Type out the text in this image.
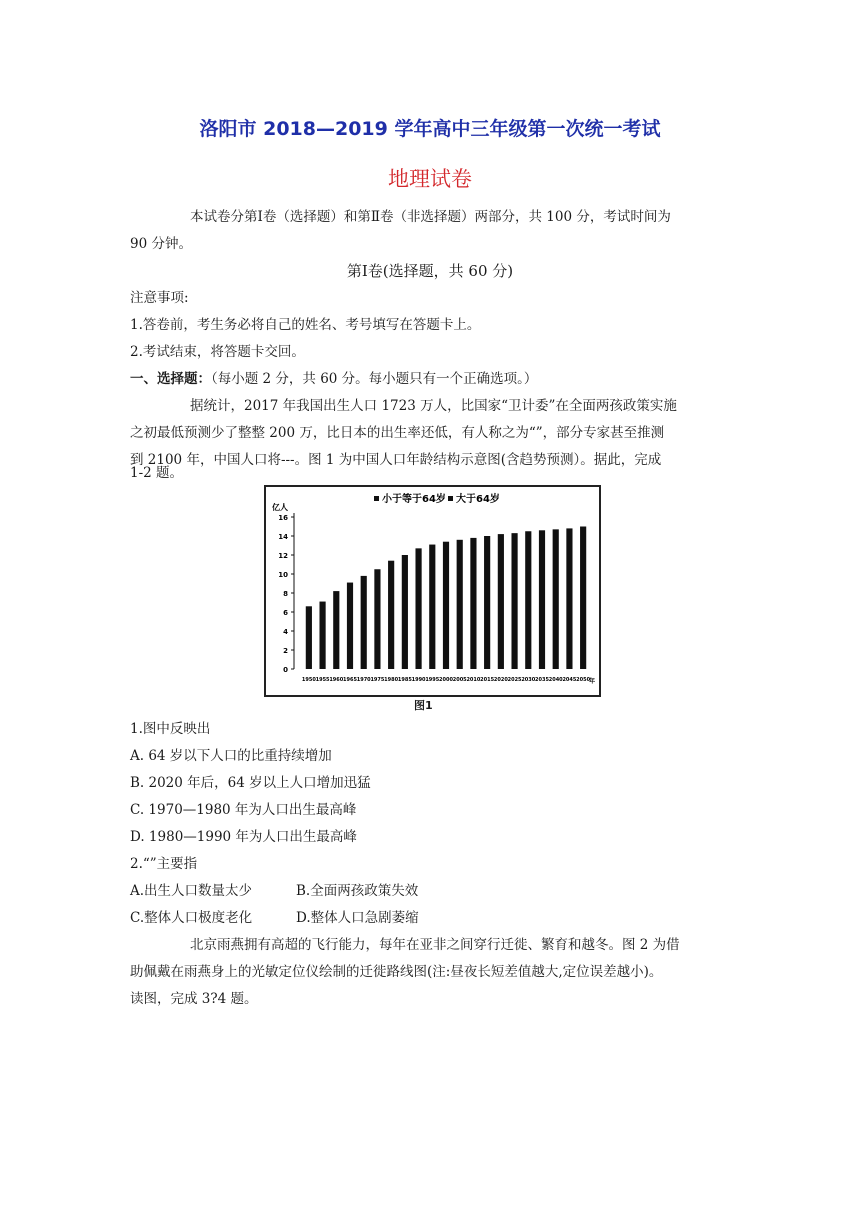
洛阳市 2018—2019 学年高中三年级第一次统一考试
地理试卷
本试卷分第Ⅰ卷（选择题）和第Ⅱ卷（非选择题）两部分，共 100 分，考试时间为
90 分钟。
第Ⅰ卷(选择题，共 60 分)
注意事项:
1.答卷前，考生务必将自己的姓名、考号填写在答题卡上。
2.考试结束，将答题卡交回。
一、选择题：（每小题 2 分，共 60 分。每小题只有一个正确选项。）
据统计，2017 年我国出生人口 1723 万人，比国家“卫计委”在全面两孩政策实施
之初最低预测少了整整 200 万，比日本的出生率还低，有人称之为“”，部分专家甚至推测
到 2100 年，中国人口将---。图 1 为中国人口年龄结构示意图(含趋势预测）。据此，完成
1-2 题。
小于等于64岁 大于64岁
亿人
年
0
2
4
6
8
10
12
14
16
1950 1955 1960 1965 1970 1975 1980 1985 1990 1995 2000 2005 2010 2015 2020 2025 2030 2035 2040 2045 2050
图1
1.图中反映出
A. 64 岁以下人口的比重持续增加
B. 2020 年后，64 岁以上人口增加迅猛
C. 1970—1980 年为人口出生最高峰
D. 1980—1990 年为人口出生最高峰
2.“”主要指
A.出生人口数量太少	B.全面两孩政策失效
C.整体人口极度老化	D.整体人口急剧萎缩
北京雨燕拥有高超的飞行能力，每年在亚非之间穿行迁徙、繁育和越冬。图 2 为借
助佩戴在雨燕身上的光敏定位仪绘制的迁徙路线图(注:昼夜长短差值越大,定位误差越小)。
读图，完成 3?4 题。
